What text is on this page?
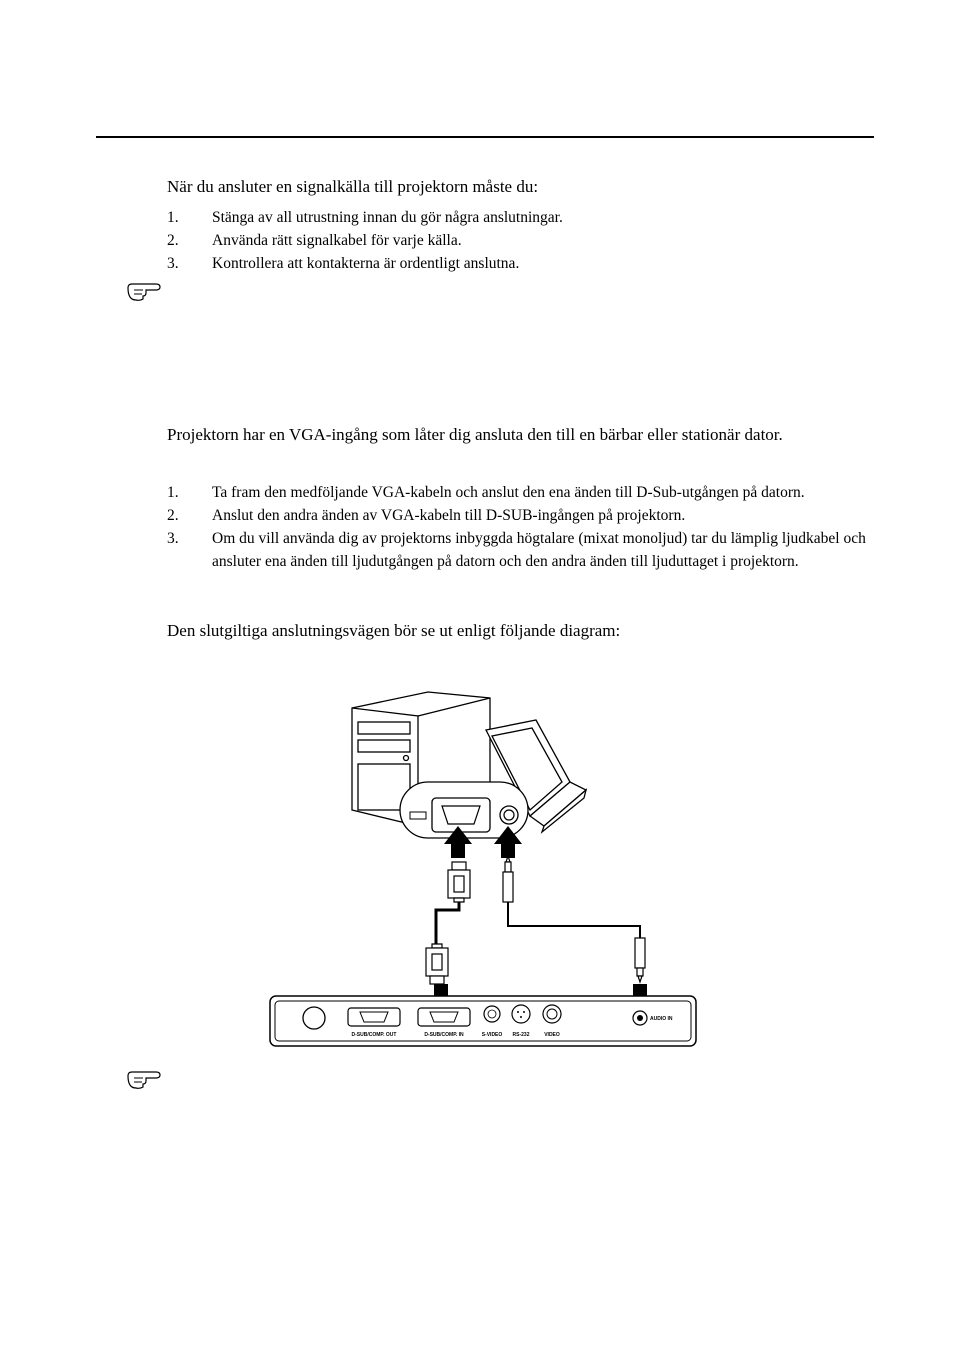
När du ansluter en signalkälla till projektorn måste du:
1. Stänga av all utrustning innan du gör några anslutningar.
2. Använda rätt signalkabel för varje källa.
3. Kontrollera att kontakterna är ordentligt anslutna.
Projektorn har en VGA-ingång som låter dig ansluta den till en bärbar eller stationär dator.
1. Ta fram den medföljande VGA-kabeln och anslut den ena änden till D-Sub-utgången på datorn.
2. Anslut den andra änden av VGA-kabeln till D-SUB-ingången på projektorn.
3. Om du vill använda dig av projektorns inbyggda högtalare (mixat monoljud) tar du lämplig ljudkabel och ansluter ena änden till ljudutgången på datorn och den andra änden till ljuduttaget i projektorn.
Den slutgiltiga anslutningsvägen bör se ut enligt följande diagram:
D-SUB/COMP. OUT	D-SUB/COMP. IN	S-VIDEO RS-232	VIDEO
AUDIO IN
